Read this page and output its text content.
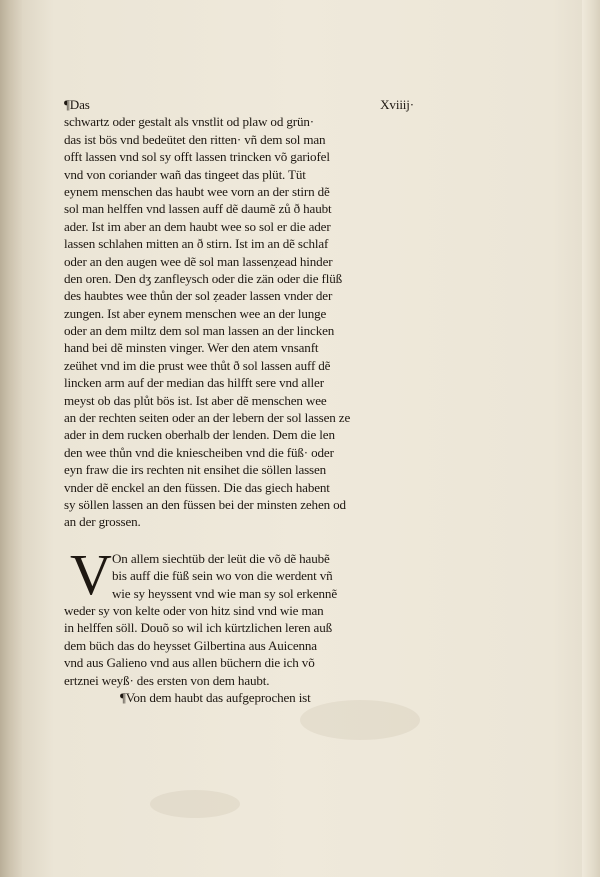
¶Das	Xviiij·
schwartz oder gestalt als vnstlit od plaw od grün·
das ist bös vnd bedeütet den ritten· vñ dem sol man
offt lassen vnd sol sy offt lassen trincken võ gariofel
vnd von coriander wañ das tingeet das plüt. Tüt
eynem menschen das haubt wee vorn an der stirn dẽ
sol man helffen vnd lassen auff dẽ daumẽ zů ð haubt
ader. Ist im aber an dem haubt wee so sol er die ader
lassen schlahen mitten an ð stirn. Ist im an dẽ schlaf
oder an den augen wee dẽ sol man lassenẓead hinder
den oren. Den dʒ zanfleysch oder die zän oder die flüß
des haubtes wee thůn der sol ẓeader lassen vnder der
zungen. Ist aber eynem menschen wee an der lunge
oder an dem miltz dem sol man lassen an der lincken
hand bei dẽ minsten vinger. Wer den atem vnsanft
zeühet vnd im die prust wee thůt ð sol lassen auff dẽ
lincken arm auf der median das hilfft sere vnd aller
meyst ob das plůt bös ist. Ist aber dẽ menschen wee
an der rechten seiten oder an der lebern der sol lassen ze
ader in dem rucken oberhalb der lenden. Dem die len
den wee thůn vnd die kniescheiben vnd die füß· oder
eyn fraw die irs rechten nit ensihet die söllen lassen
vnder dẽ enckel an den füssen. Die das giech habent
sy söllen lassen an den füssen bei der minsten zehen od
an der grossen.
V On allem siechtüb der leüt die võ dẽ haubẽ
bis auff die füß sein wo von die werdent vñ
wie sy heyssent vnd wie man sy sol erkennẽ
weder sy von kelte oder von hitz sind vnd wie man
in helffen söll. Douõ so wil ich kürtzlichen leren auß
dem büch das do heysset Gilbertina aus Auicenna
vnd aus Galieno vnd aus allen büchern die ich võ
ertznei weyß· des ersten von dem haubt.
¶Von dem haubt das aufgeprochen ist
